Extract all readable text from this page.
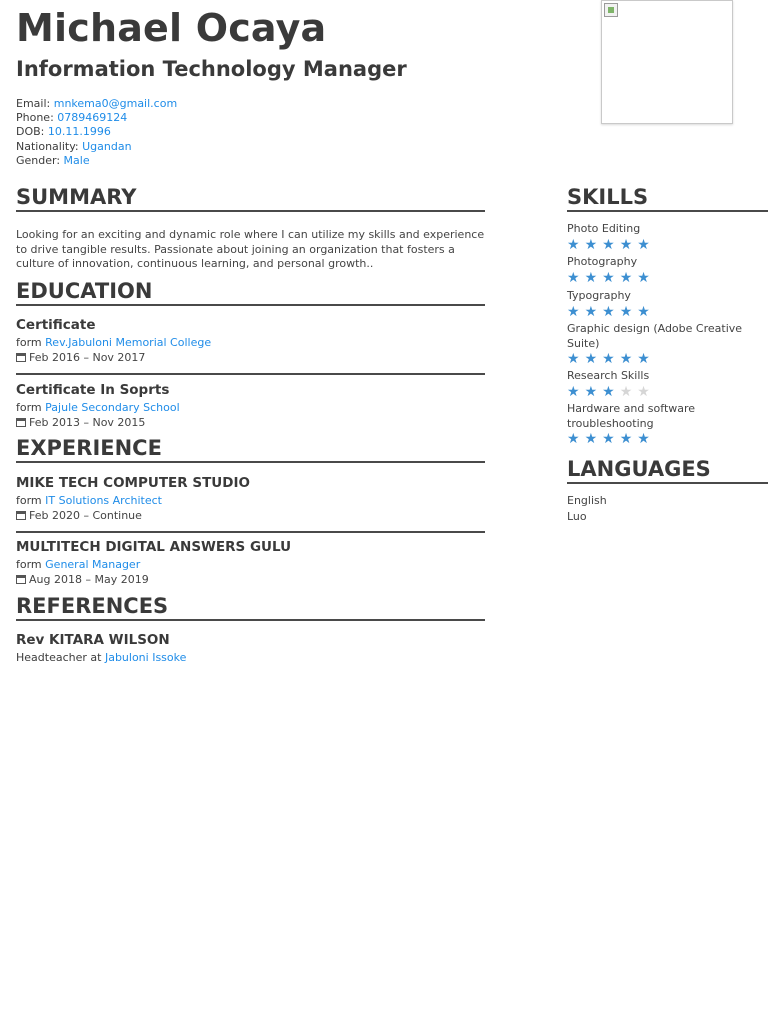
Michael Ocaya
Information Technology Manager
Email: mnkema0@gmail.com
Phone: 0789469124
DOB: 10.11.1996
Nationality: Ugandan
Gender: Male
SUMMARY
Looking for an exciting and dynamic role where I can utilize my skills and experience to drive tangible results. Passionate about joining an organization that fosters a culture of innovation, continuous learning, and personal growth..
EDUCATION
Certificate
form Rev.Jabuloni Memorial College
Feb 2016 – Nov 2017
Certificate In Soprts
form Pajule Secondary School
Feb 2013 – Nov 2015
EXPERIENCE
MIKE TECH COMPUTER STUDIO
form IT Solutions Architect
Feb 2020 – Continue
MULTITECH DIGITAL ANSWERS GULU
form General Manager
Aug 2018 – May 2019
REFERENCES
Rev KITARA WILSON
Headteacher at Jabuloni Issoke
SKILLS
Photo Editing
★★★★★
Photography
★★★★★
Typography
★★★★★
Graphic design (Adobe Creative Suite)
★★★★★
Research Skills
★★★★★
Hardware and software troubleshooting
★★★★★
LANGUAGES
English
Luo
